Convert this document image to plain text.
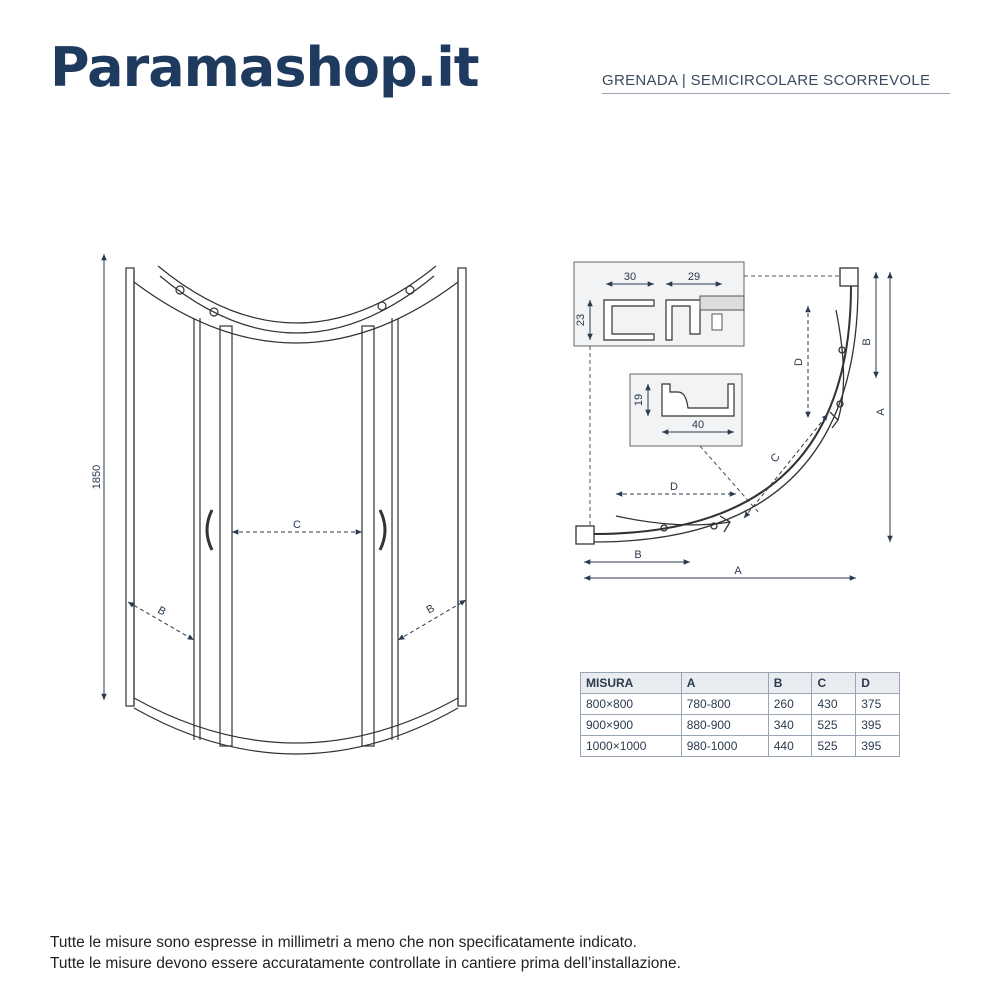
Paramashop.it	GRENADA | SEMICIRCOLARE SCORREVOLE
1850
C
B	B
30	29
23
19
40
A
B
A
B
D
D
C
MISURA	A	B	C	D
800×800	780-800	260	430	375
900×900	880-900	340	525	395
1000×1000	980-1000	440	525	395
Tutte le misure sono espresse in millimetri a meno che non specificatamente indicato.
Tutte le misure devono essere accuratamente controllate in cantiere prima dell’installazione.
